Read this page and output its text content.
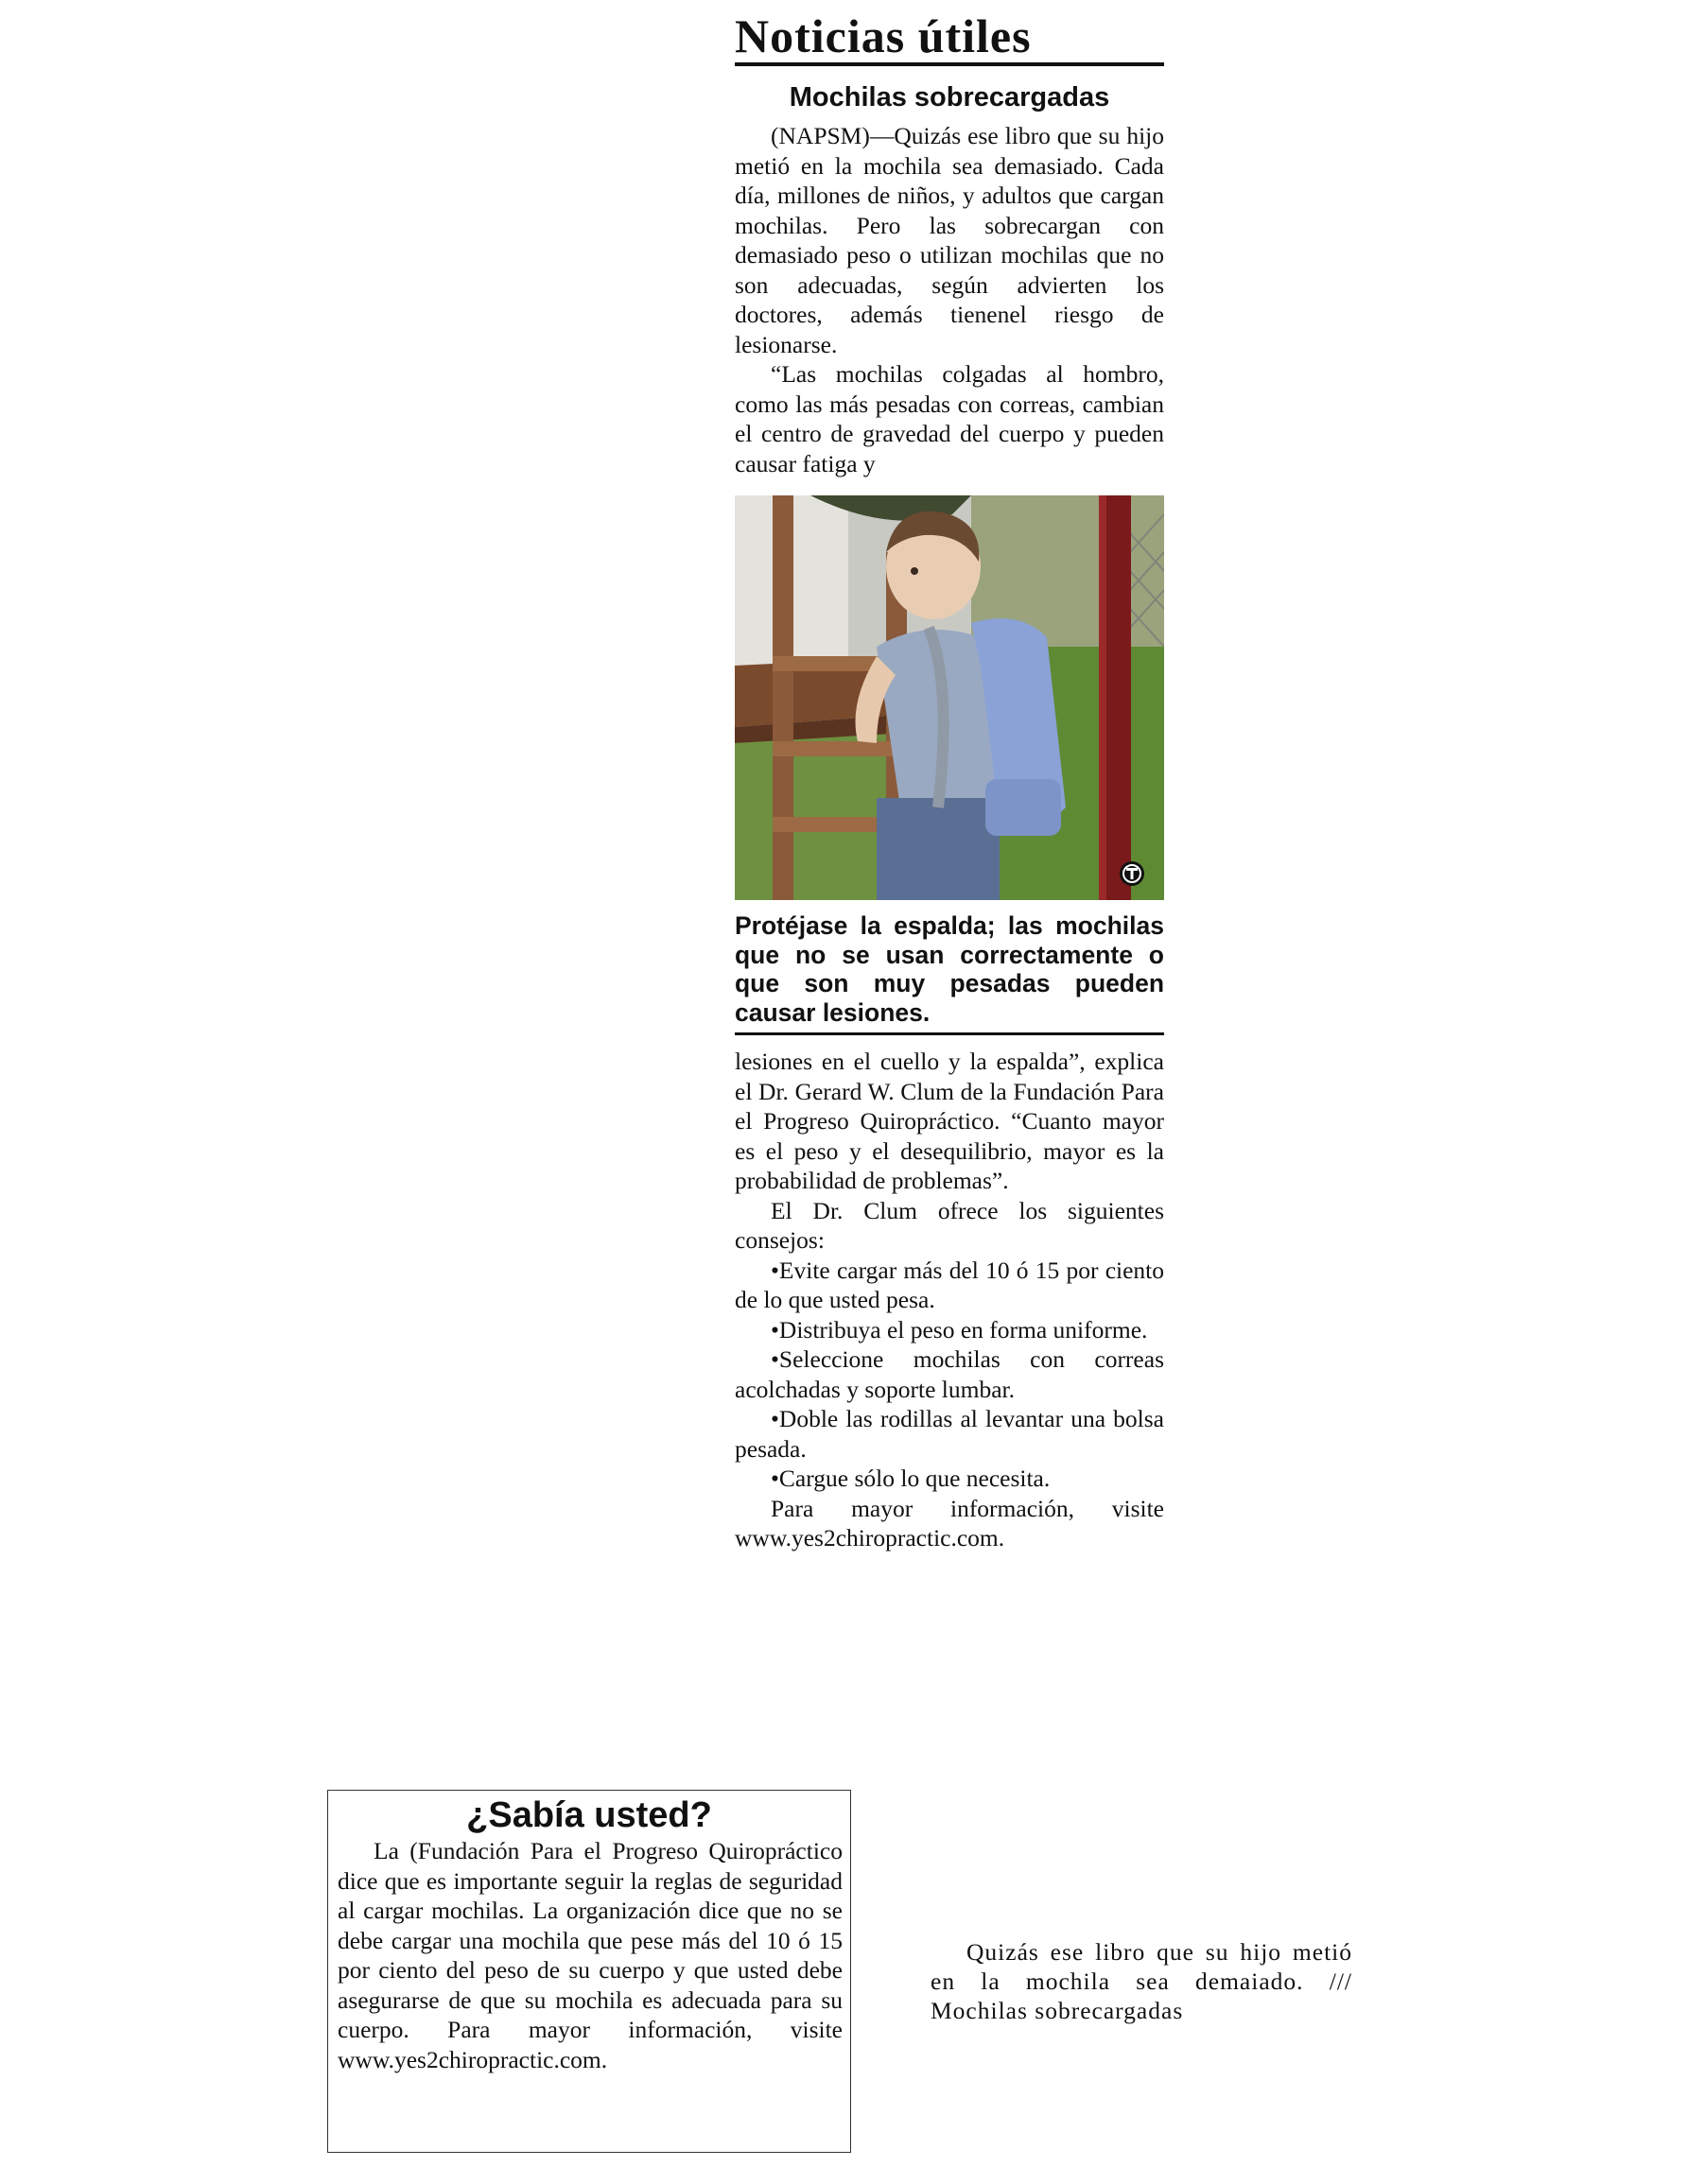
Noticias útiles
Mochilas sobrecargadas

(NAPSM)—Quizás ese libro que su hijo metió en la mochila sea demasiado. Cada día, millones de niños, y adultos que cargan mochilas. Pero las sobrecargan con demasiado peso o utilizan mochilas que no son adecuadas, según advierten los doctores, además tienenel riesgo de lesionarse.

“Las mochilas colgadas al hombro, como las más pesadas con correas, cambian el centro de gravedad del cuerpo y pueden causar fatiga y

Protéjase la espalda; las mochilas que no se usan correctamente o que son muy pesadas pueden causar lesiones.

lesiones en el cuello y la espalda”, explica el Dr. Gerard W. Clum de la Fundación Para el Progreso Quiropráctico. “Cuanto mayor es el peso y el desequilibrio, mayor es la probabilidad de problemas”.

El Dr. Clum ofrece los siguientes consejos:

•Evite cargar más del 10 ó 15 por ciento de lo que usted pesa.

•Distribuya el peso en forma uniforme.

•Seleccione mochilas con correas acolchadas y soporte lumbar.

•Doble las rodillas al levantar una bolsa pesada.

•Cargue sólo lo que necesita.

Para mayor información, visite www.yes2chiropractic.com.

¿Sabía usted?
La (Fundación Para el Progreso Quiropráctico dice que es importante seguir la reglas de seguridad al cargar mochilas. La organización dice que no se debe cargar una mochila que pese más del 10 ó 15 por ciento del peso de su cuerpo y que usted debe asegurarse de que su mochila es adecuada para su cuerpo. Para mayor información, visite www.yes2chiropractic.com.
Quizás ese libro que su hijo metió en la mochila sea demaiado. /// Mochilas sobrecargadas
